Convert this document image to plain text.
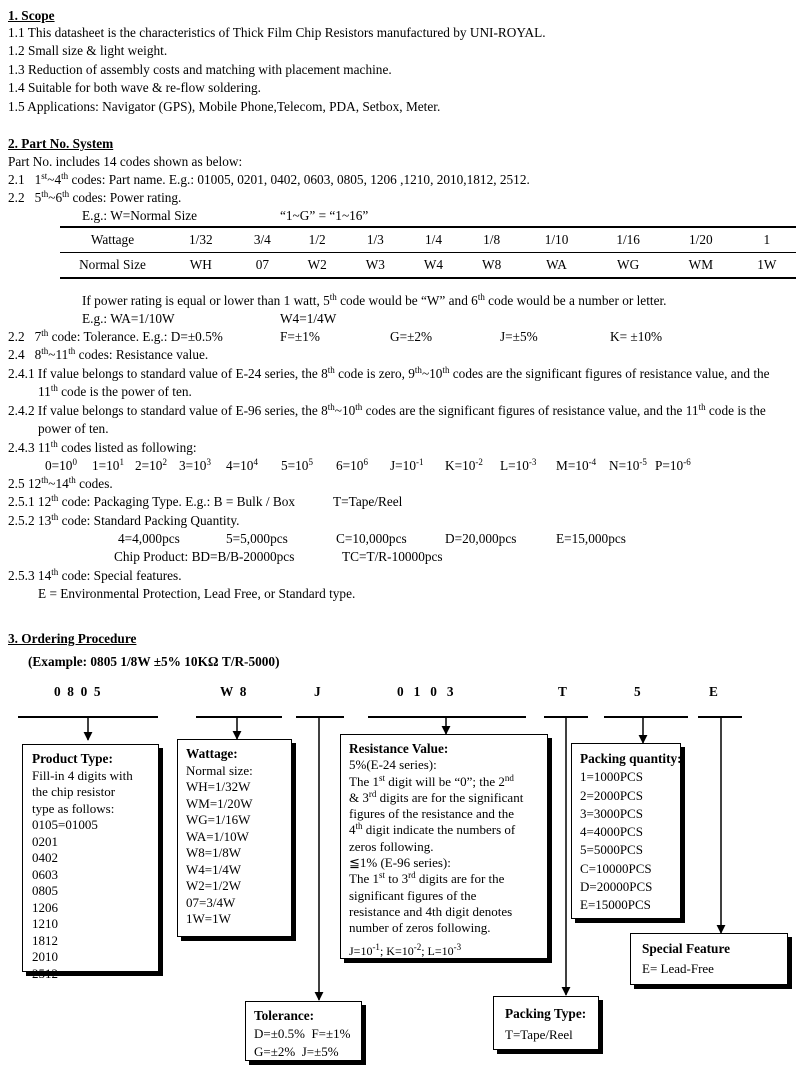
1. Scope
1.1 This datasheet is the characteristics of Thick Film Chip Resistors manufactured by UNI-ROYAL.
1.2 Small size & light weight.
1.3 Reduction of assembly costs and matching with placement machine.
1.4 Suitable for both wave & re-flow soldering.
1.5 Applications: Navigator (GPS), Mobile Phone,Telecom, PDA, Setbox, Meter.
2. Part No. System
Part No. includes 14 codes shown as below:
2.1   1st~4th codes: Part name. E.g.: 01005, 0201, 0402, 0603, 0805, 1206 ,1210, 2010,1812, 2512.
2.2   5th~6th codes: Power rating.
E.g.: W=Normal Size	“1~G” = “1~16”
Wattage	1/32	3/4	1/2	1/3	1/4	1/8	1/10	1/16	1/20	1
Normal Size	WH	07	W2	W3	W4	W8	WA	WG	WM	1W
If power rating is equal or lower than 1 watt, 5th code would be “W” and 6th code would be a number or letter.
E.g.: WA=1/10W	W4=1/4W
2.2   7th code: Tolerance. E.g.: D=±0.5%	F=±1%	G=±2%	J=±5%	K= ±10%
2.4   8th~11th codes: Resistance value.
2.4.1 If value belongs to standard value of E-24 series, the 8th code is zero, 9th~10th codes are the significant figures of resistance value, and the
11th code is the power of ten.
2.4.2 If value belongs to standard value of E-96 series, the 8th~10th codes are the significant figures of resistance value, and the 11th code is the
power of ten.
2.4.3 11th codes listed as following:
$0=10^0$ $1=10^1$ $2=10^2$ $3=10^3$ $4=10^4$ $5=10^5$ $6=10^6$ $J=10^{-1}$ $K=10^{-2}$ $L=10^{-3}$ $M=10^{-4}$ $N=10^{-5}$ $P=10^{-6}$
2.5 12th~14th codes.
2.5.1 12th code: Packaging Type. E.g.: B = Bulk / Box	T=Tape/Reel
2.5.2 13th code: Standard Packing Quantity.
4=4,000pcs	5=5,000pcs	C=10,000pcs	D=20,000pcs	E=15,000pcs
Chip Product: BD=B/B-20000pcs	TC=T/R-10000pcs
2.5.3 14th code: Special features.
E = Environmental Protection, Lead Free, or Standard type.
3. Ordering Procedure
(Example: 0805 1/8W ±5% 10KΩ T/R-5000)
0  8  0  5	W  8	J	0   1   0   3	T	5	E
Product Type:
Fill-in 4 digits with
the chip resistor
type as follows:
0105=01005
0201
0402
0603
0805
1206
1210
1812
2010
2512
Wattage:
Normal size:
WH=1/32W
WM=1/20W
WG=1/16W
WA=1/10W
W8=1/8W
W4=1/4W
W2=1/2W
07=3/4W
1W=1W
Resistance Value:
5%(E-24 series):
The 1st digit will be “0”; the 2nd
& 3rd digits are for the significant
figures of the resistance and the
4th digit indicate the numbers of
zeros following.
≦1% (E-96 series):
The 1st to 3rd digits are for the
significant figures of the
resistance and 4th digit denotes
number of zeros following.
$J=10^{-1}$; $K=10^{-2}$; $L=10^{-3}$
Packing quantity:
1=1000PCS
2=2000PCS
3=3000PCS
4=4000PCS
5=5000PCS
C=10000PCS
D=20000PCS
E=15000PCS
Special Feature
E= Lead-Free
Packing Type:
T=Tape/Reel
Tolerance:
D=±0.5% F=±1%
G=±2% J=±5%
